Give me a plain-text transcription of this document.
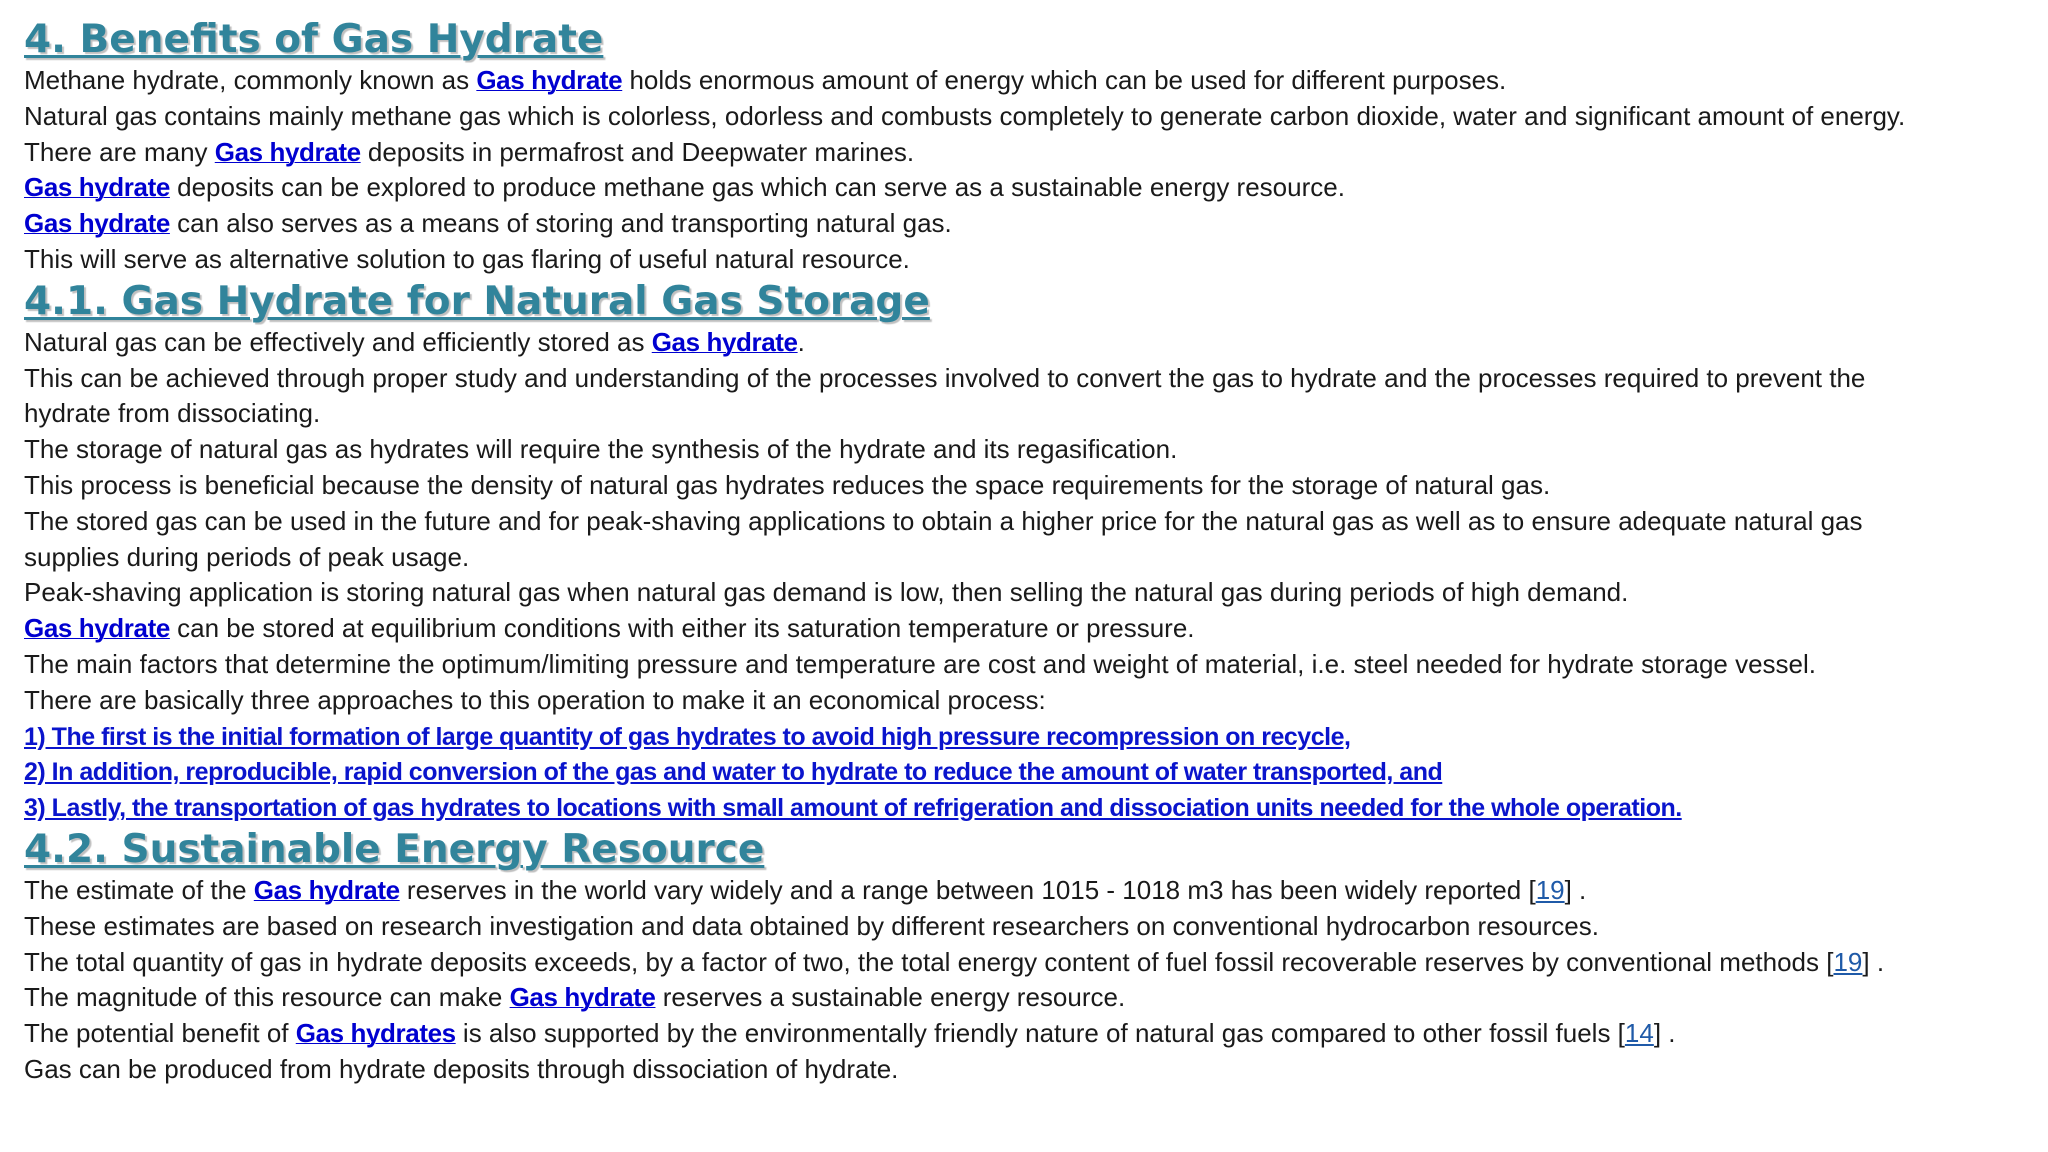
4. Benefits of Gas Hydrate
Methane hydrate, commonly known as Gas hydrate holds enormous amount of energy which can be used for different purposes.
Natural gas contains mainly methane gas which is colorless, odorless and combusts completely to generate carbon dioxide, water and significant amount of energy.
There are many Gas hydrate deposits in permafrost and Deepwater marines.
Gas hydrate deposits can be explored to produce methane gas which can serve as a sustainable energy resource.
Gas hydrate can also serves as a means of storing and transporting natural gas.
This will serve as alternative solution to gas flaring of useful natural resource.
4.1. Gas Hydrate for Natural Gas Storage
Natural gas can be effectively and efficiently stored as Gas hydrate.
This can be achieved through proper study and understanding of the processes involved to convert the gas to hydrate and the processes required to prevent the
hydrate from dissociating.
The storage of natural gas as hydrates will require the synthesis of the hydrate and its regasification.
This process is beneficial because the density of natural gas hydrates reduces the space requirements for the storage of natural gas.
The stored gas can be used in the future and for peak-shaving applications to obtain a higher price for the natural gas as well as to ensure adequate natural gas
supplies during periods of peak usage.
Peak-shaving application is storing natural gas when natural gas demand is low, then selling the natural gas during periods of high demand.
Gas hydrate can be stored at equilibrium conditions with either its saturation temperature or pressure.
The main factors that determine the optimum/limiting pressure and temperature are cost and weight of material, i.e. steel needed for hydrate storage vessel.
There are basically three approaches to this operation to make it an economical process:
1) The first is the initial formation of large quantity of gas hydrates to avoid high pressure recompression on recycle,
2) In addition, reproducible, rapid conversion of the gas and water to hydrate to reduce the amount of water transported, and
3) Lastly, the transportation of gas hydrates to locations with small amount of refrigeration and dissociation units needed for the whole operation.
4.2. Sustainable Energy Resource
The estimate of the Gas hydrate reserves in the world vary widely and a range between 1015 - 1018 m3 has been widely reported [19] .
These estimates are based on research investigation and data obtained by different researchers on conventional hydrocarbon resources.
The total quantity of gas in hydrate deposits exceeds, by a factor of two, the total energy content of fuel fossil recoverable reserves by conventional methods [19] .
The magnitude of this resource can make Gas hydrate reserves a sustainable energy resource.
The potential benefit of Gas hydrates is also supported by the environmentally friendly nature of natural gas compared to other fossil fuels [14] .
Gas can be produced from hydrate deposits through dissociation of hydrate.
